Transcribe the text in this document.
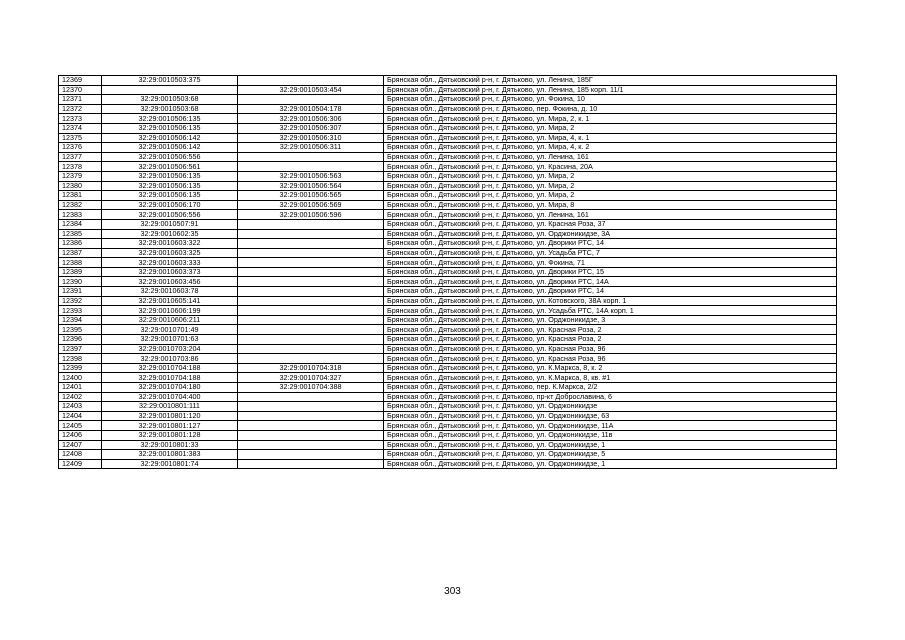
12369	32:29:0010503:375		Брянская обл., Дятьковский р-н, г. Дятьково, ул. Ленина, 185Г
12370		32:29:0010503:454	Брянская обл., Дятьковский р-н, г. Дятьково, ул. Ленина, 185 корп. 11/1
12371	32:29:0010503:68		Брянская обл., Дятьковский р-н, г. Дятьково, ул. Фокина, 10
12372	32:29:0010503:68	32:29:0010504:178	Брянская обл., Дятьковский р-н, г. Дятьково, пер. Фокина, д. 10
12373	32:29:0010506:135	32:29:0010506:306	Брянская обл., Дятьковский р-н, г. Дятьково, ул. Мира, 2, к. 1
12374	32:29:0010506:135	32:29:0010506:307	Брянская обл., Дятьковский р-н, г. Дятьково, ул. Мира, 2
12375	32:29:0010506:142	32:29:0010506:310	Брянская обл., Дятьковский р-н, г. Дятьково, ул. Мира, 4, к. 1
12376	32:29:0010506:142	32:29:0010506:311	Брянская обл., Дятьковский р-н, г. Дятьково, ул. Мира, 4, к. 2
12377	32:29:0010506:556		Брянская обл., Дятьковский р-н, г. Дятьково, ул. Ленина, 161
12378	32:29:0010506:561		Брянская обл., Дятьковский р-н, г. Дятьково, ул. Красина, 20А
12379	32:29:0010506:135	32:29:0010506:563	Брянская обл., Дятьковский р-н, г. Дятьково, ул. Мира, 2
12380	32:29:0010506:135	32:29:0010506:564	Брянская обл., Дятьковский р-н, г. Дятьково, ул. Мира, 2
12381	32:29:0010506:135	32:29:0010506:565	Брянская обл., Дятьковский р-н, г. Дятьково, ул. Мира, 2
12382	32:29:0010506:170	32:29:0010506:569	Брянская обл., Дятьковский р-н, г. Дятьково, ул. Мира, 8
12383	32:29:0010506:556	32:29:0010506:596	Брянская обл., Дятьковский р-н, г. Дятьково, ул. Ленина, 161
12384	32:29:0010507:91		Брянская обл., Дятьковский р-н, г. Дятьково, ул. Красная Роза, 37
12385	32:29:0010602:35		Брянская обл., Дятьковский р-н, г. Дятьково, ул. Орджоникидзе, 3А
12386	32:29:0010603:322		Брянская обл., Дятьковский р-н, г. Дятьково, ул. Дворики РТС, 14
12387	32:29:0010603:325		Брянская обл., Дятьковский р-н, г. Дятьково, ул. Усадьба РТС, 7
12388	32:29:0010603:333		Брянская обл., Дятьковский р-н, г. Дятьково, ул. Фокина, 71
12389	32:29:0010603:373		Брянская обл., Дятьковский р-н, г. Дятьково, ул. Дворики РТС, 15
12390	32:29:0010603:456		Брянская обл., Дятьковский р-н, г. Дятьково, ул. Дворики РТС, 14А
12391	32:29:0010603:78		Брянская обл., Дятьковский р-н, г. Дятьково, ул. Дворики РТС, 14
12392	32:29:0010605:141		Брянская обл., Дятьковский р-н, г. Дятьково, ул. Котовского, 38А корп. 1
12393	32:29:0010606:199		Брянская обл., Дятьковский р-н, г. Дятьково, ул. Усадьба РТС, 14А корп. 1
12394	32:29:0010606:211		Брянская обл., Дятьковский р-н, г. Дятьково, ул. Орджоникидзе, 3
12395	32:29:0010701:49		Брянская обл., Дятьковский р-н, г. Дятьково, ул. Красная Роза, 2
12396	32:29:0010701:63		Брянская обл., Дятьковский р-н, г. Дятьково, ул. Красная Роза, 2
12397	32:29:0010703:204		Брянская обл., Дятьковский р-н, г. Дятьково, ул. Красная Роза, 96
12398	32:29:0010703:86		Брянская обл., Дятьковский р-н, г. Дятьково, ул. Красная Роза, 96
12399	32:29:0010704:188	32:29:0010704:318	Брянская обл., Дятьковский р-н, г. Дятьково, ул. К.Маркса, 8, к. 2
12400	32:29:0010704:188	32:29:0010704:327	Брянская обл., Дятьковский р-н, г. Дятьково, ул. К.Маркса, 8, кв. #1
12401	32:29:0010704:180	32:29:0010704:388	Брянская обл., Дятьковский р-н, г. Дятьково, пер. К.Маркса, 2/2
12402	32:29:0010704:400		Брянская обл., Дятьковский р-н, г. Дятьково, пр-кт Доброславина, 6
12403	32:29:0010801:111		Брянская обл., Дятьковский р-н, г. Дятьково, ул. Орджоникидзе
12404	32:29:0010801:120		Брянская обл., Дятьковский р-н, г. Дятьково, ул. Орджоникидзе, 63
12405	32:29:0010801:127		Брянская обл., Дятьковский р-н, г. Дятьково, ул. Орджоникидзе, 11А
12406	32:29:0010801:128		Брянская обл., Дятьковский р-н, г. Дятьково, ул. Орджоникидзе, 11в
12407	32:29:0010801:33		Брянская обл., Дятьковский р-н, г. Дятьково, ул. Орджоникидзе, 1
12408	32:29:0010801:383		Брянская обл., Дятьковский р-н, г. Дятьково, ул. Орджоникидзе, 5
12409	32:29:0010801:74		Брянская обл., Дятьковский р-н, г. Дятьково, ул. Орджоникидзе, 1
303
